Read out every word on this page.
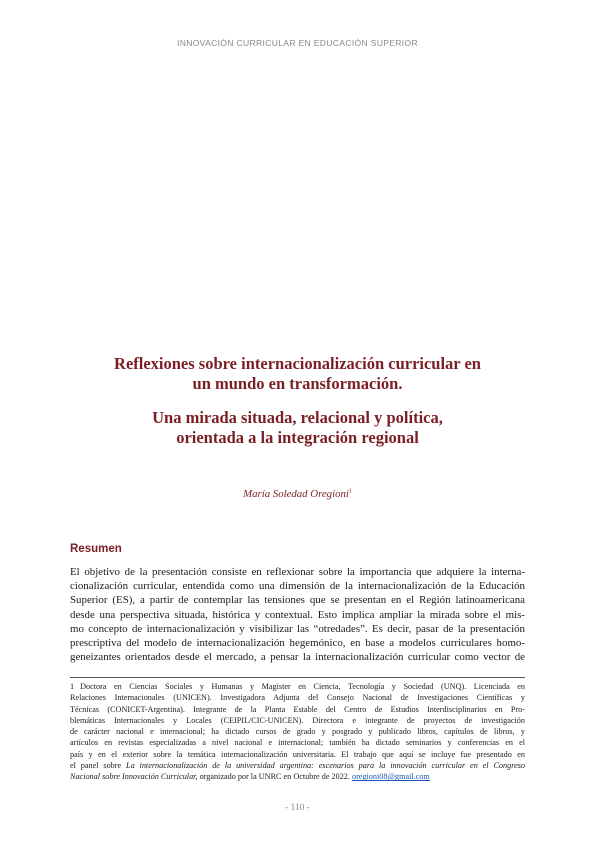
INNOVACIÓN CURRICULAR EN EDUCACIÓN SUPERIOR

Reflexiones sobre internacionalización curricular en
un mundo en transformación.

Una mirada situada, relacional y política,
orientada a la integración regional

María Soledad Oregioni$^1$
Resumen
El objetivo de la presentación consiste en reflexionar sobre la importancia que adquiere la interna-
cionalización curricular, entendida como una dimensión de la internacionalización de la Educación
Superior (ES), a partir de contemplar las tensiones que se presentan en el Región latinoamericana
desde una perspectiva situada, histórica y contextual. Esto implica ampliar la mirada sobre el mis-
mo concepto de internacionalización y visibilizar las “otredades”. Es decir, pasar de la presentación
prescriptiva del modelo de internacionalización hegemónico, en base a modelos curriculares homo-
geneizantes orientados desde el mercado, a pensar la internacionalización curricular como vector de
1 Doctora en Ciencias Sociales y Humanas y Magister en Ciencia, Tecnología y Sociedad (UNQ). Licenciada en
Relaciones Internacionales (UNICEN). Investigadora Adjunta del Consejo Nacional de Investigaciones Científicas y
Técnicas (CONICET-Argentina). Integrante de la Planta Estable del Centro de Estudios Interdisciplinarios en Pro-
blemáticas Internacionales y Locales (CEIPIL/CIC-UNICEN). Directora e integrante de proyectos de investigación
de carácter nacional e internacional; ha dictado cursos de grado y posgrado y publicado libros, capítulos de libros, y
artículos en revistas especializadas a nivel nacional e internacional; también ha dictado seminarios y conferencias en el
país y en el exterior sobre la temática internacionalización universitaria. El trabajo que aquí se incluye fue presentado en
el panel sobre La internacionalización de la universidad argentina: escenarios para la innovación curricular en el Congreso
Nacional sobre Innovación Curricular, organizado por la UNRC en Octubre de 2022. oregioni08@gmail.com
- 110 -
